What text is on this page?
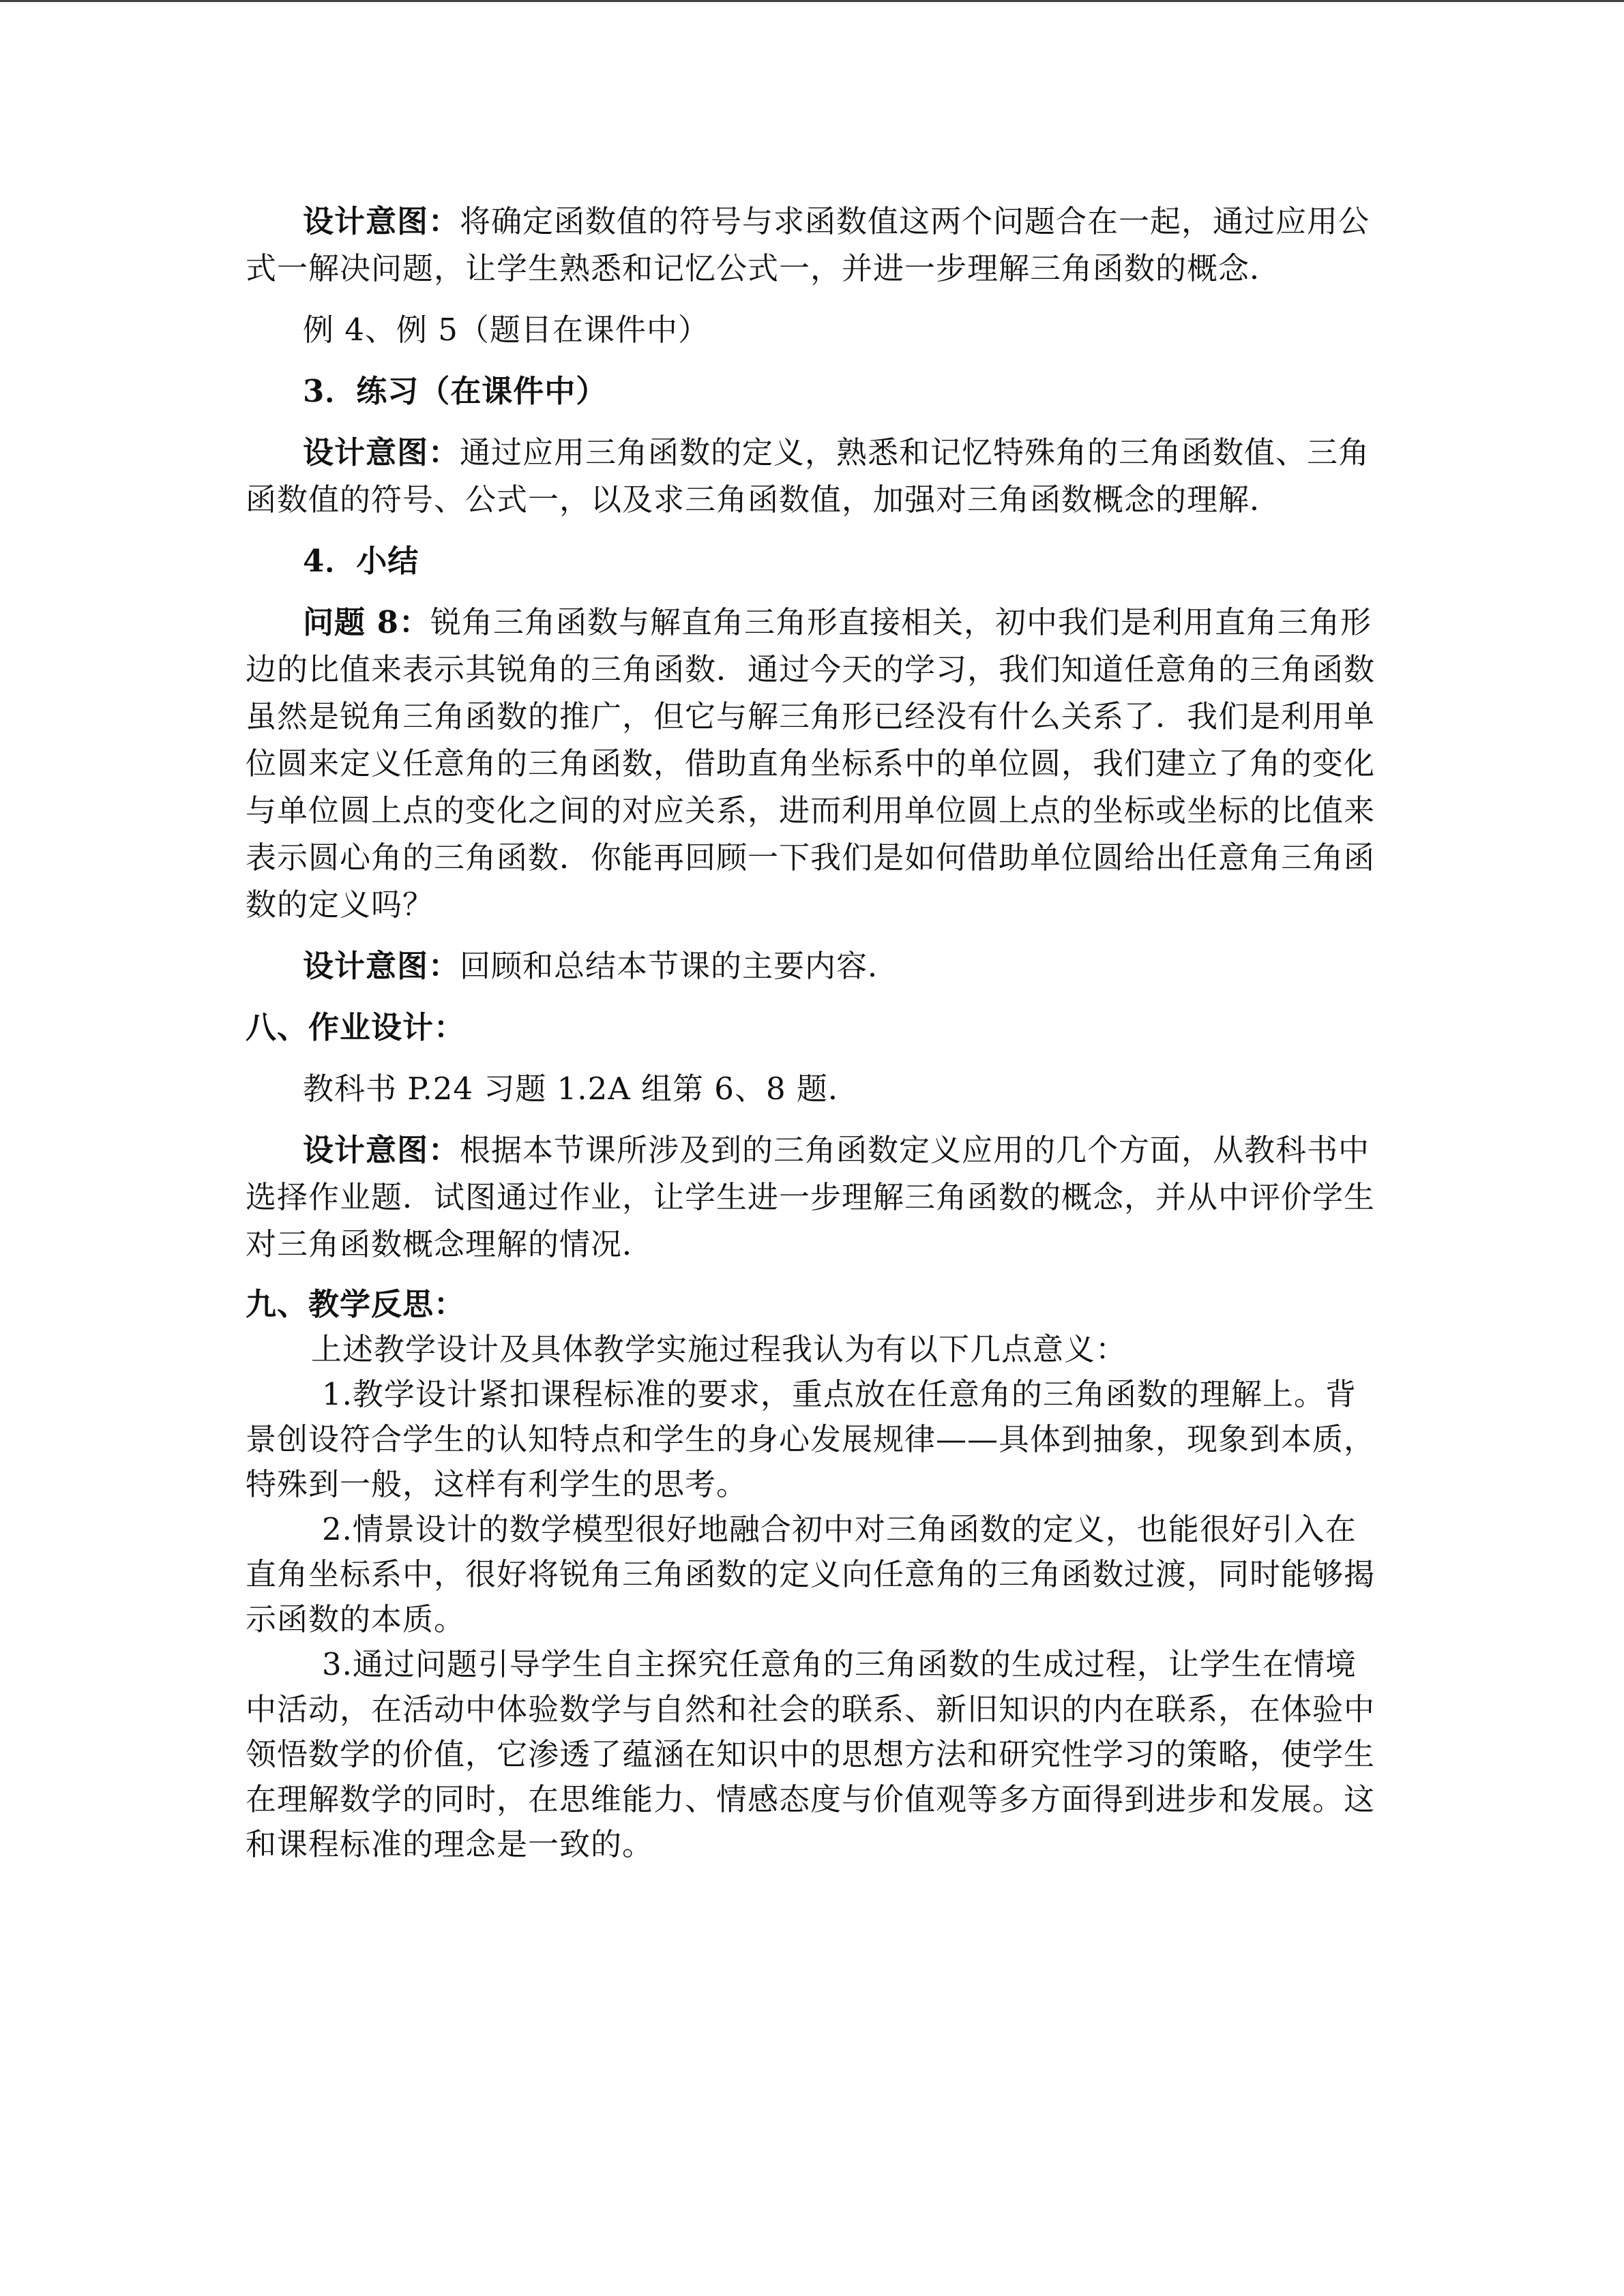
设计意图：将确定函数值的符号与求函数值这两个问题合在一起，通过应用公式一解决问题，让学生熟悉和记忆公式一，并进一步理解三角函数的概念．

例 4、例 5（题目在课件中）

3．练习（在课件中）

设计意图：通过应用三角函数的定义，熟悉和记忆特殊角的三角函数值、三角函数值的符号、公式一，以及求三角函数值，加强对三角函数概念的理解．

4．小结

问题 8：锐角三角函数与解直角三角形直接相关，初中我们是利用直角三角形边的比值来表示其锐角的三角函数．通过今天的学习，我们知道任意角的三角函数虽然是锐角三角函数的推广，但它与解三角形已经没有什么关系了．我们是利用单位圆来定义任意角的三角函数，借助直角坐标系中的单位圆，我们建立了角的变化与单位圆上点的变化之间的对应关系，进而利用单位圆上点的坐标或坐标的比值来表示圆心角的三角函数．你能再回顾一下我们是如何借助单位圆给出任意角三角函数的定义吗？

设计意图：回顾和总结本节课的主要内容．

八、作业设计：

教科书 P.24 习题 1.2A 组第 6、8 题．

设计意图：根据本节课所涉及到的三角函数定义应用的几个方面，从教科书中选择作业题．试图通过作业，让学生进一步理解三角函数的概念，并从中评价学生对三角函数概念理解的情况．

九、教学反思：

上述教学设计及具体教学实施过程我认为有以下几点意义：

1.教学设计紧扣课程标准的要求，重点放在任意角的三角函数的理解上。背景创设符合学生的认知特点和学生的身心发展规律——具体到抽象，现象到本质，特殊到一般，这样有利学生的思考。

2.情景设计的数学模型很好地融合初中对三角函数的定义，也能很好引入在直角坐标系中，很好将锐角三角函数的定义向任意角的三角函数过渡，同时能够揭示函数的本质。

3.通过问题引导学生自主探究任意角的三角函数的生成过程，让学生在情境中活动，在活动中体验数学与自然和社会的联系、新旧知识的内在联系，在体验中领悟数学的价值，它渗透了蕴涵在知识中的思想方法和研究性学习的策略，使学生在理解数学的同时，在思维能力、情感态度与价值观等多方面得到进步和发展。这和课程标准的理念是一致的。
